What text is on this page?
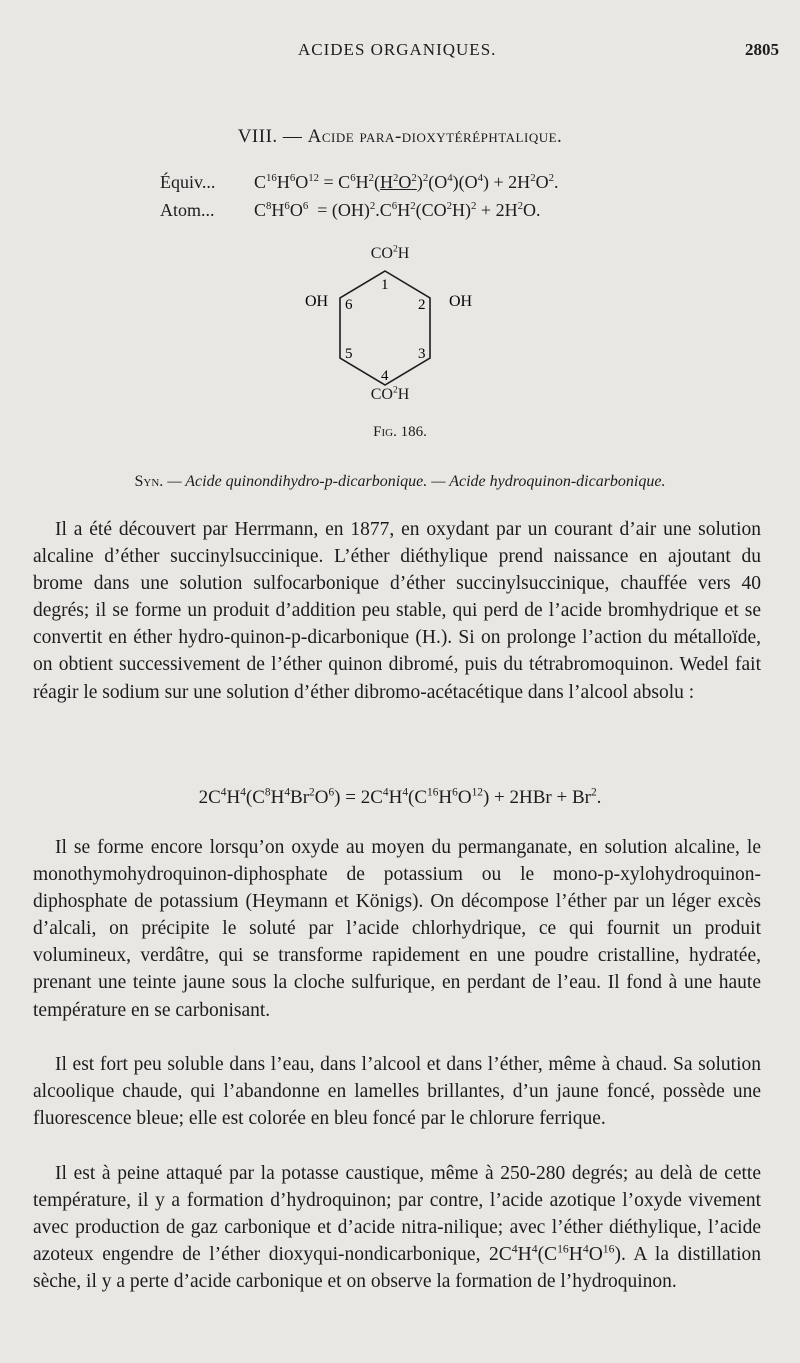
ACIDES ORGANIQUES.	2805
VIII. — Acide para-dioxytéréphtalique.
Équiv... $C^{16}H^6O^{12} = C^6H^2(H^2O^2)^2(O^4)(O^4) + 2H^2O^2$.
Atom... $C^8H^6O^6 = (OH)^2.C^6H^2(CO^2H)^2 + 2H^2O$.
$CO^2H$
$CO^2H$
OH	OH
1
2
3
4
5
6
Fig. 186.
Syn. — Acide quinondihydro-p-dicarbonique. — Acide hydroquinon-dicarbonique.

Il a été découvert par Herrmann, en 1877, en oxydant par un courant d’air une solution alcaline d’éther succinylsuccinique. L’éther diéthylique prend naissance en ajoutant du brome dans une solution sulfocarbonique d’éther succinylsuccinique, chauffée vers 40 degrés; il se forme un produit d’addition peu stable, qui perd de l’acide bromhydrique et se convertit en éther hydro-quinon-p-dicarbonique (H.). Si on prolonge l’action du métalloïde, on obtient successivement de l’éther quinon dibromé, puis du tétrabromoquinon. Wedel fait réagir le sodium sur une solution d’éther dibromo-acétacétique dans l’alcool absolu :

$2C^4H^4(C^8H^4Br^2O^6) = 2C^4H^4(C^{16}H^6O^{12}) + 2HBr + Br^2$.

Il se forme encore lorsqu’on oxyde au moyen du permanganate, en solution alcaline, le monothymohydroquinon-diphosphate de potassium ou le mono-p-xylohydroquinon-diphosphate de potassium (Heymann et Königs). On décompose l’éther par un léger excès d’alcali, on précipite le soluté par l’acide chlorhydrique, ce qui fournit un produit volumineux, verdâtre, qui se transforme rapidement en une poudre cristalline, hydratée, prenant une teinte jaune sous la cloche sulfurique, en perdant de l’eau. Il fond à une haute température en se carbonisant.

Il est fort peu soluble dans l’eau, dans l’alcool et dans l’éther, même à chaud. Sa solution alcoolique chaude, qui l’abandonne en lamelles brillantes, d’un jaune foncé, possède une fluorescence bleue; elle est colorée en bleu foncé par le chlorure ferrique.

Il est à peine attaqué par la potasse caustique, même à 250-280 degrés; au delà de cette température, il y a formation d’hydroquinon; par contre, l’acide azotique l’oxyde vivement avec production de gaz carbonique et d’acide nitra-nilique; avec l’éther diéthylique, l’acide azoteux engendre de l’éther dioxyqui-nondicarbonique, $2C^4H^4(C^{16}H^4O^{16})$. A la distillation sèche, il y a perte d’acide carbonique et on observe la formation de l’hydroquinon.
